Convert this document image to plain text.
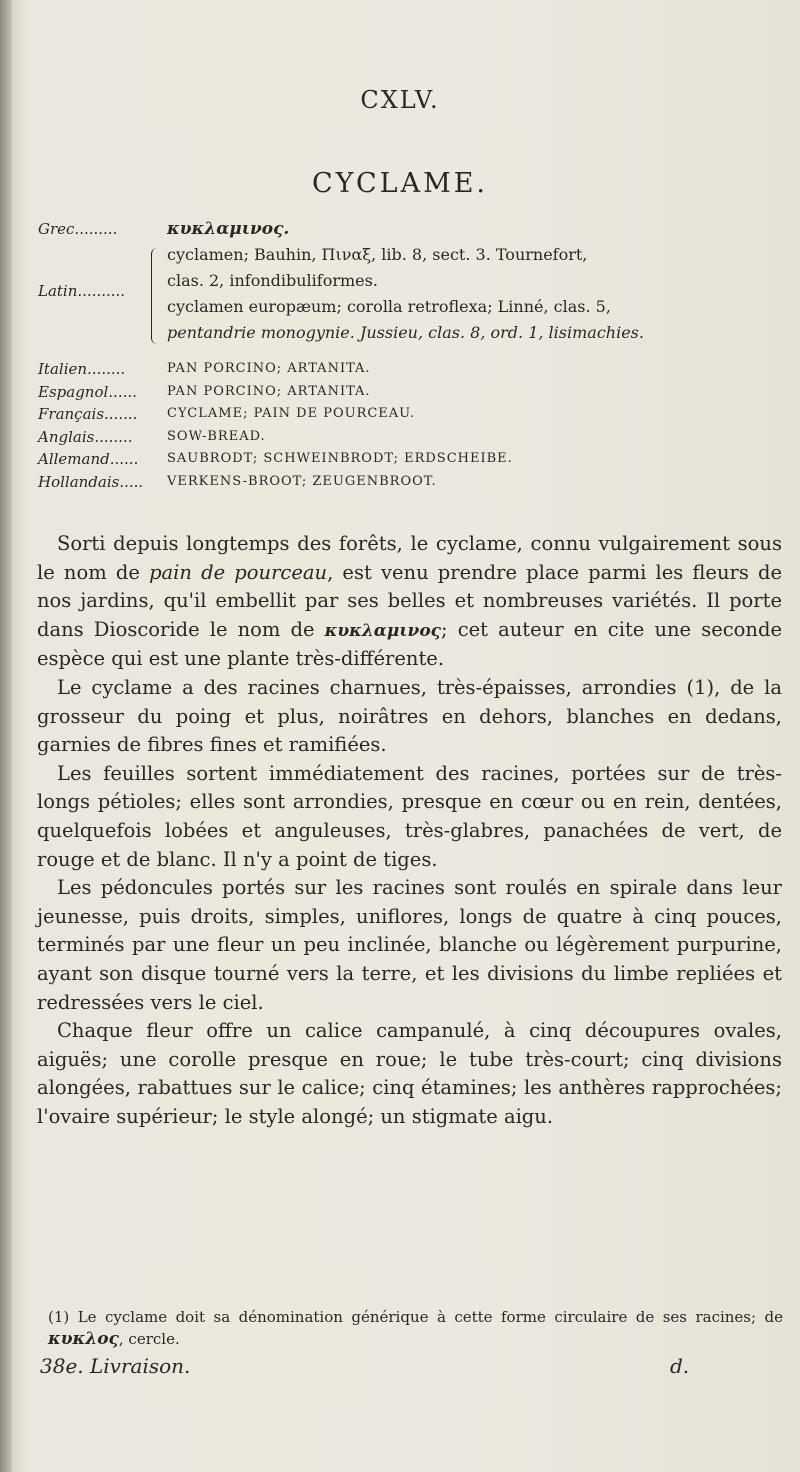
CXLV.
CYCLAME.
Grec.........	κυκλαμινος.
Latin..........
cyclamen; Bauhin, Πιναξ, lib. 8, sect. 3. Tournefort,
clas. 2, infondibuliformes.
cyclamen europæum; corolla retroflexa; Linné, clas. 5,
pentandrie monogynie. Jussieu, clas. 8, ord. 1, lisimachies.
Italien........	PAN PORCINO; ARTANITA.
Espagnol...... PAN PORCINO; ARTANITA.
Français....... CYCLAME; PAIN DE POURCEAU.
Anglais........	SOW-BREAD.
Allemand...... SAUBRODT; SCHWEINBRODT; ERDSCHEIBE.
Hollandais..... VERKENS-BROOT; ZEUGENBROOT.

Sorti depuis longtemps des forêts, le cyclame, connu vulgairement sous le nom de pain de pourceau, est venu prendre place parmi les fleurs de nos jardins, qu'il embellit par ses belles et nombreuses variétés. Il porte dans Dioscoride le nom de κυκλαμινος; cet auteur en cite une seconde espèce qui est une plante très-différente.

Le cyclame a des racines charnues, très-épaisses, arrondies (1), de la grosseur du poing et plus, noirâtres en dehors, blanches en dedans, garnies de fibres fines et ramifiées.

Les feuilles sortent immédiatement des racines, portées sur de très-longs pétioles; elles sont arrondies, presque en cœur ou en rein, dentées, quelquefois lobées et anguleuses, très-glabres, panachées de vert, de rouge et de blanc. Il n'y a point de tiges.

Les pédoncules portés sur les racines sont roulés en spirale dans leur jeunesse, puis droits, simples, uniflores, longs de quatre à cinq pouces, terminés par une fleur un peu inclinée, blanche ou légèrement purpurine, ayant son disque tourné vers la terre, et les divisions du limbe repliées et redressées vers le ciel.

Chaque fleur offre un calice campanulé, à cinq découpures ovales, aiguës; une corolle presque en roue; le tube très-court; cinq divisions alongées, rabattues sur le calice; cinq étamines; les anthères rapprochées; l'ovaire supérieur; le style alongé; un stigmate aigu.

(1) Le cyclame doit sa dénomination générique à cette forme circulaire de ses racines; de κυκλος, cercle.
38e. Livraison.	d.
